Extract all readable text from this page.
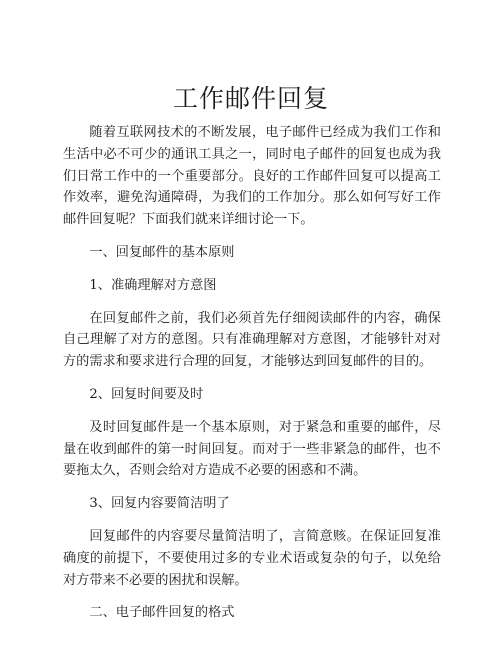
工作邮件回复

随着互联网技术的不断发展，电子邮件已经成为我们工作和生活中必不可少的通讯工具之一，同时电子邮件的回复也成为我们日常工作中的一个重要部分。良好的工作邮件回复可以提高工作效率，避免沟通障碍，为我们的工作加分。那么如何写好工作邮件回复呢？下面我们就来详细讨论一下。

一、回复邮件的基本原则

1、准确理解对方意图

在回复邮件之前，我们必须首先仔细阅读邮件的内容，确保自己理解了对方的意图。只有准确理解对方意图，才能够针对对方的需求和要求进行合理的回复，才能够达到回复邮件的目的。

2、回复时间要及时

及时回复邮件是一个基本原则，对于紧急和重要的邮件，尽量在收到邮件的第一时间回复。而对于一些非紧急的邮件，也不要拖太久，否则会给对方造成不必要的困惑和不满。

3、回复内容要简洁明了

回复邮件的内容要尽量简洁明了，言简意赅。在保证回复准确度的前提下，不要使用过多的专业术语或复杂的句子，以免给对方带来不必要的困扰和误解。

二、电子邮件回复的格式
